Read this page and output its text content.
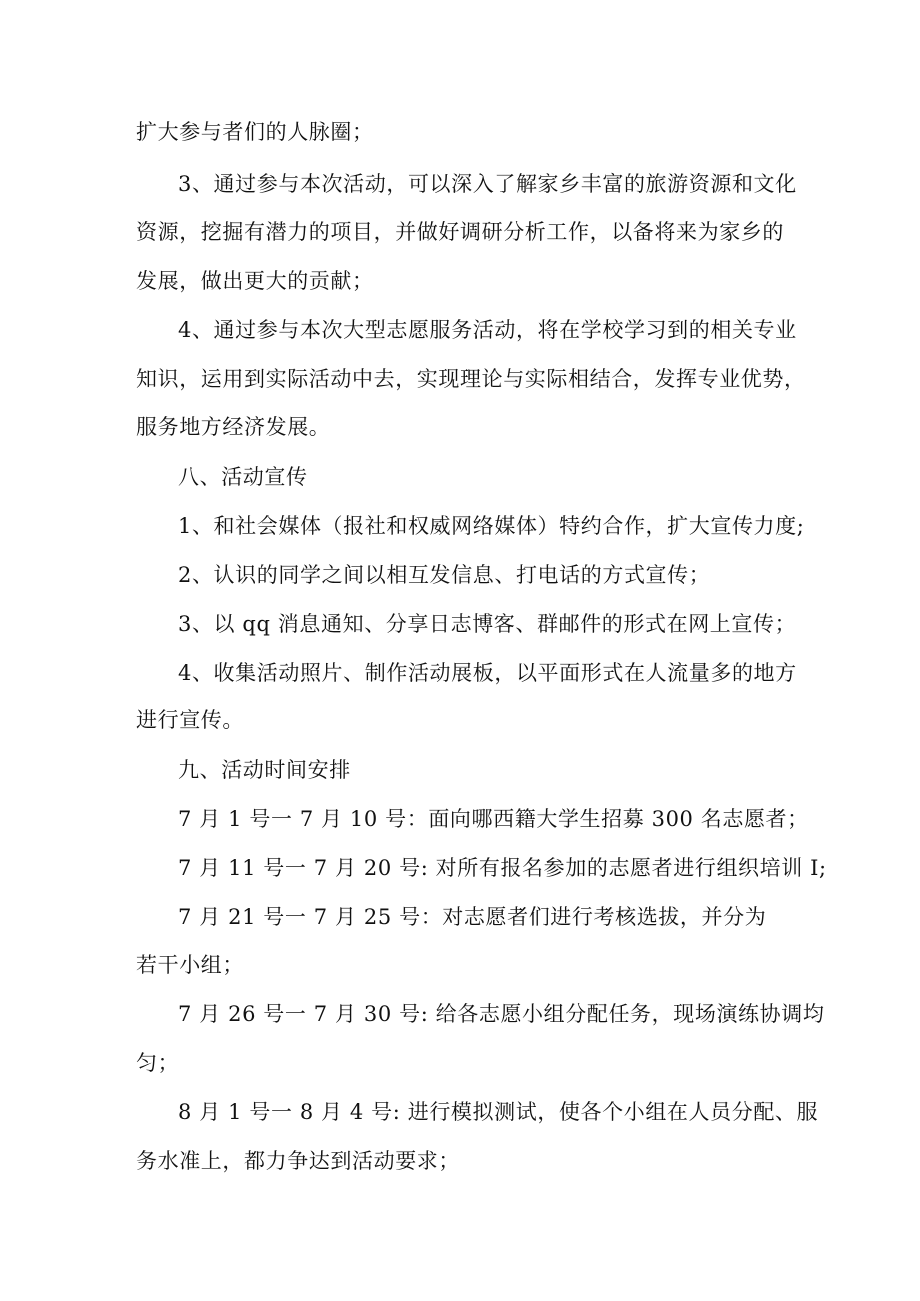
扩大参与者们的人脉圈；
3、通过参与本次活动，可以深入了解家乡丰富的旅游资源和文化
资源，挖掘有潜力的项目，并做好调研分析工作，以备将来为家乡的
发展，做出更大的贡献；
4、通过参与本次大型志愿服务活动，将在学校学习到的相关专业
知识，运用到实际活动中去，实现理论与实际相结合，发挥专业优势，
服务地方经济发展。
八、活动宣传
1、和社会媒体（报社和权威网络媒体）特约合作，扩大宣传力度;
2、认识的同学之间以相互发信息、打电话的方式宣传；
3、以 qq 消息通知、分享日志博客、群邮件的形式在网上宣传；
4、收集活动照片、制作活动展板，以平面形式在人流量多的地方
进行宣传。
九、活动时间安排
7 月 1 号一 7 月 10 号：面向哪西籍大学生招募 300 名志愿者；
7 月 11 号一 7 月 20 号: 对所有报名参加的志愿者进行组织培训 I;
7 月 21 号一 7 月 25 号：对志愿者们进行考核选拔，并分为
若干小组；
7 月 26 号一 7 月 30 号: 给各志愿小组分配任务，现场演练协调均
匀；
8 月 1 号一 8 月 4 号: 进行模拟测试，使各个小组在人员分配、服
务水准上，都力争达到活动要求；
